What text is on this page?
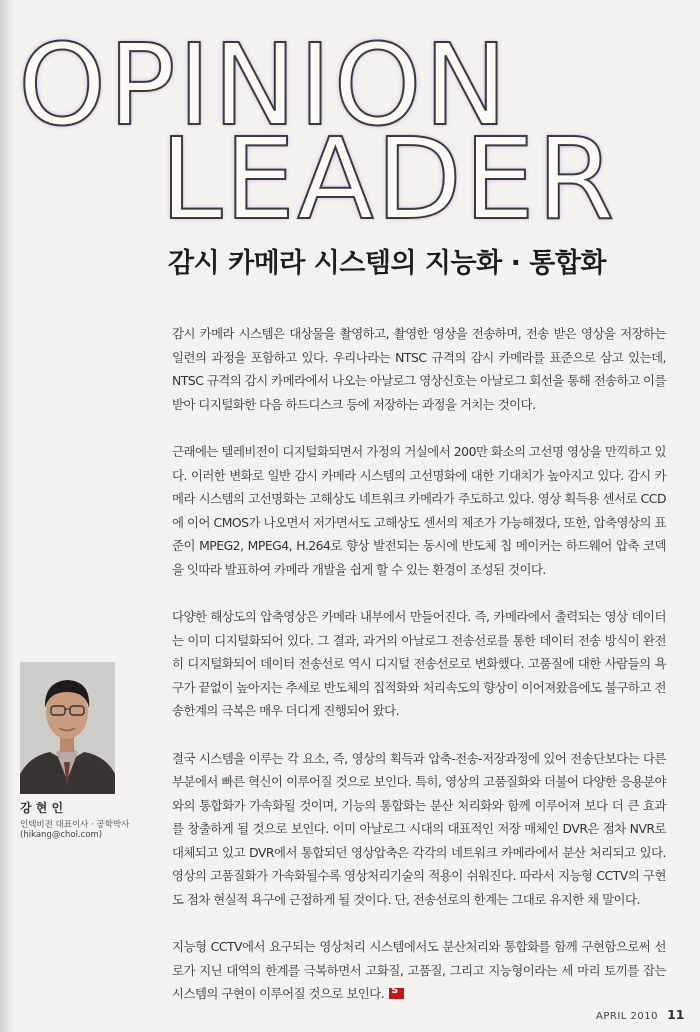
OPINION
LEADER
감시 카메라 시스템의 지능화 · 통합화

감시 카메라 시스템은 대상물을 촬영하고, 촬영한 영상을 전송하며, 전송 받은 영상을 저장하는 일련의 과정을 포함하고 있다. 우리나라는 NTSC 규격의 감시 카메라를 표준으로 삼고 있는데, NTSC 규격의 감시 카메라에서 나오는 아날로그 영상신호는 아날로그 회선을 통해 전송하고 이를 받아 디지털화한 다음 하드디스크 등에 저장하는 과정을 거치는 것이다.

근래에는 텔레비전이 디지털화되면서 가정의 거실에서 200만 화소의 고선명 영상을 만끽하고 있다. 이러한 변화로 일반 감시 카메라 시스템의 고선명화에 대한 기대치가 높아지고 있다. 감시 카메라 시스템의 고선명화는 고해상도 네트워크 카메라가 주도하고 있다. 영상 획득용 센서로 CCD에 이어 CMOS가 나오면서 저가면서도 고해상도 센서의 제조가 가능해졌다, 또한, 압축영상의 표준이 MPEG2, MPEG4, H.264로 향상 발전되는 동시에 반도체 칩 메이커는 하드웨어 압축 코덱을 잇따라 발표하여 카메라 개발을 쉽게 할 수 있는 환경이 조성된 것이다.

다양한 해상도의 압축영상은 카메라 내부에서 만들어진다. 즉, 카메라에서 출력되는 영상 데이터는 이미 디지털화되어 있다. 그 결과, 과거의 아날로그 전송선로를 통한 데이터 전송 방식이 완전히 디지털화되어 데이터 전송선로 역시 디지털 전송선로로 변화했다. 고품질에 대한 사람들의 욕구가 끝없이 높아지는 추세로 반도체의 집적화와 처리속도의 향상이 이어져왔음에도 불구하고 전송한계의 극복은 매우 더디게 진행되어 왔다.

결국 시스템을 이루는 각 요소, 즉, 영상의 획득과 압축-전송-저장과정에 있어 전송단보다는 다른 부분에서 빠른 혁신이 이루어질 것으로 보인다. 특히, 영상의 고품질화와 더불어 다양한 응용분야와의 통합화가 가속화될 것이며, 기능의 통합화는 분산 처리화와 함께 이루어져 보다 더 큰 효과를 창출하게 될 것으로 보인다. 이미 아날로그 시대의 대표적인 저장 매체인 DVR은 점차 NVR로 대체되고 있고 DVR에서 통합되던 영상압축은 각각의 네트워크 카메라에서 분산 처리되고 있다. 영상의 고품질화가 가속화될수록 영상처리기술의 적용이 쉬워진다. 따라서 지능형 CCTV의 구현도 점차 현실적 욕구에 근접하게 될 것이다. 단, 전송선로의 한계는 그대로 유지한 채 말이다.

지능형 CCTV에서 요구되는 영상처리 시스템에서도 분산처리와 통합화를 함께 구현함으로써 선로가 지닌 대역의 한계를 극복하면서 고화질, 고품질, 그리고 지능형이라는 세 마리 토끼를 잡는 시스템의 구현이 이루어질 것으로 보인다.S

강 현 인

인텍비전 대표이사 · 공학박사

(hikang@chol.com)

APRIL 2010 11
